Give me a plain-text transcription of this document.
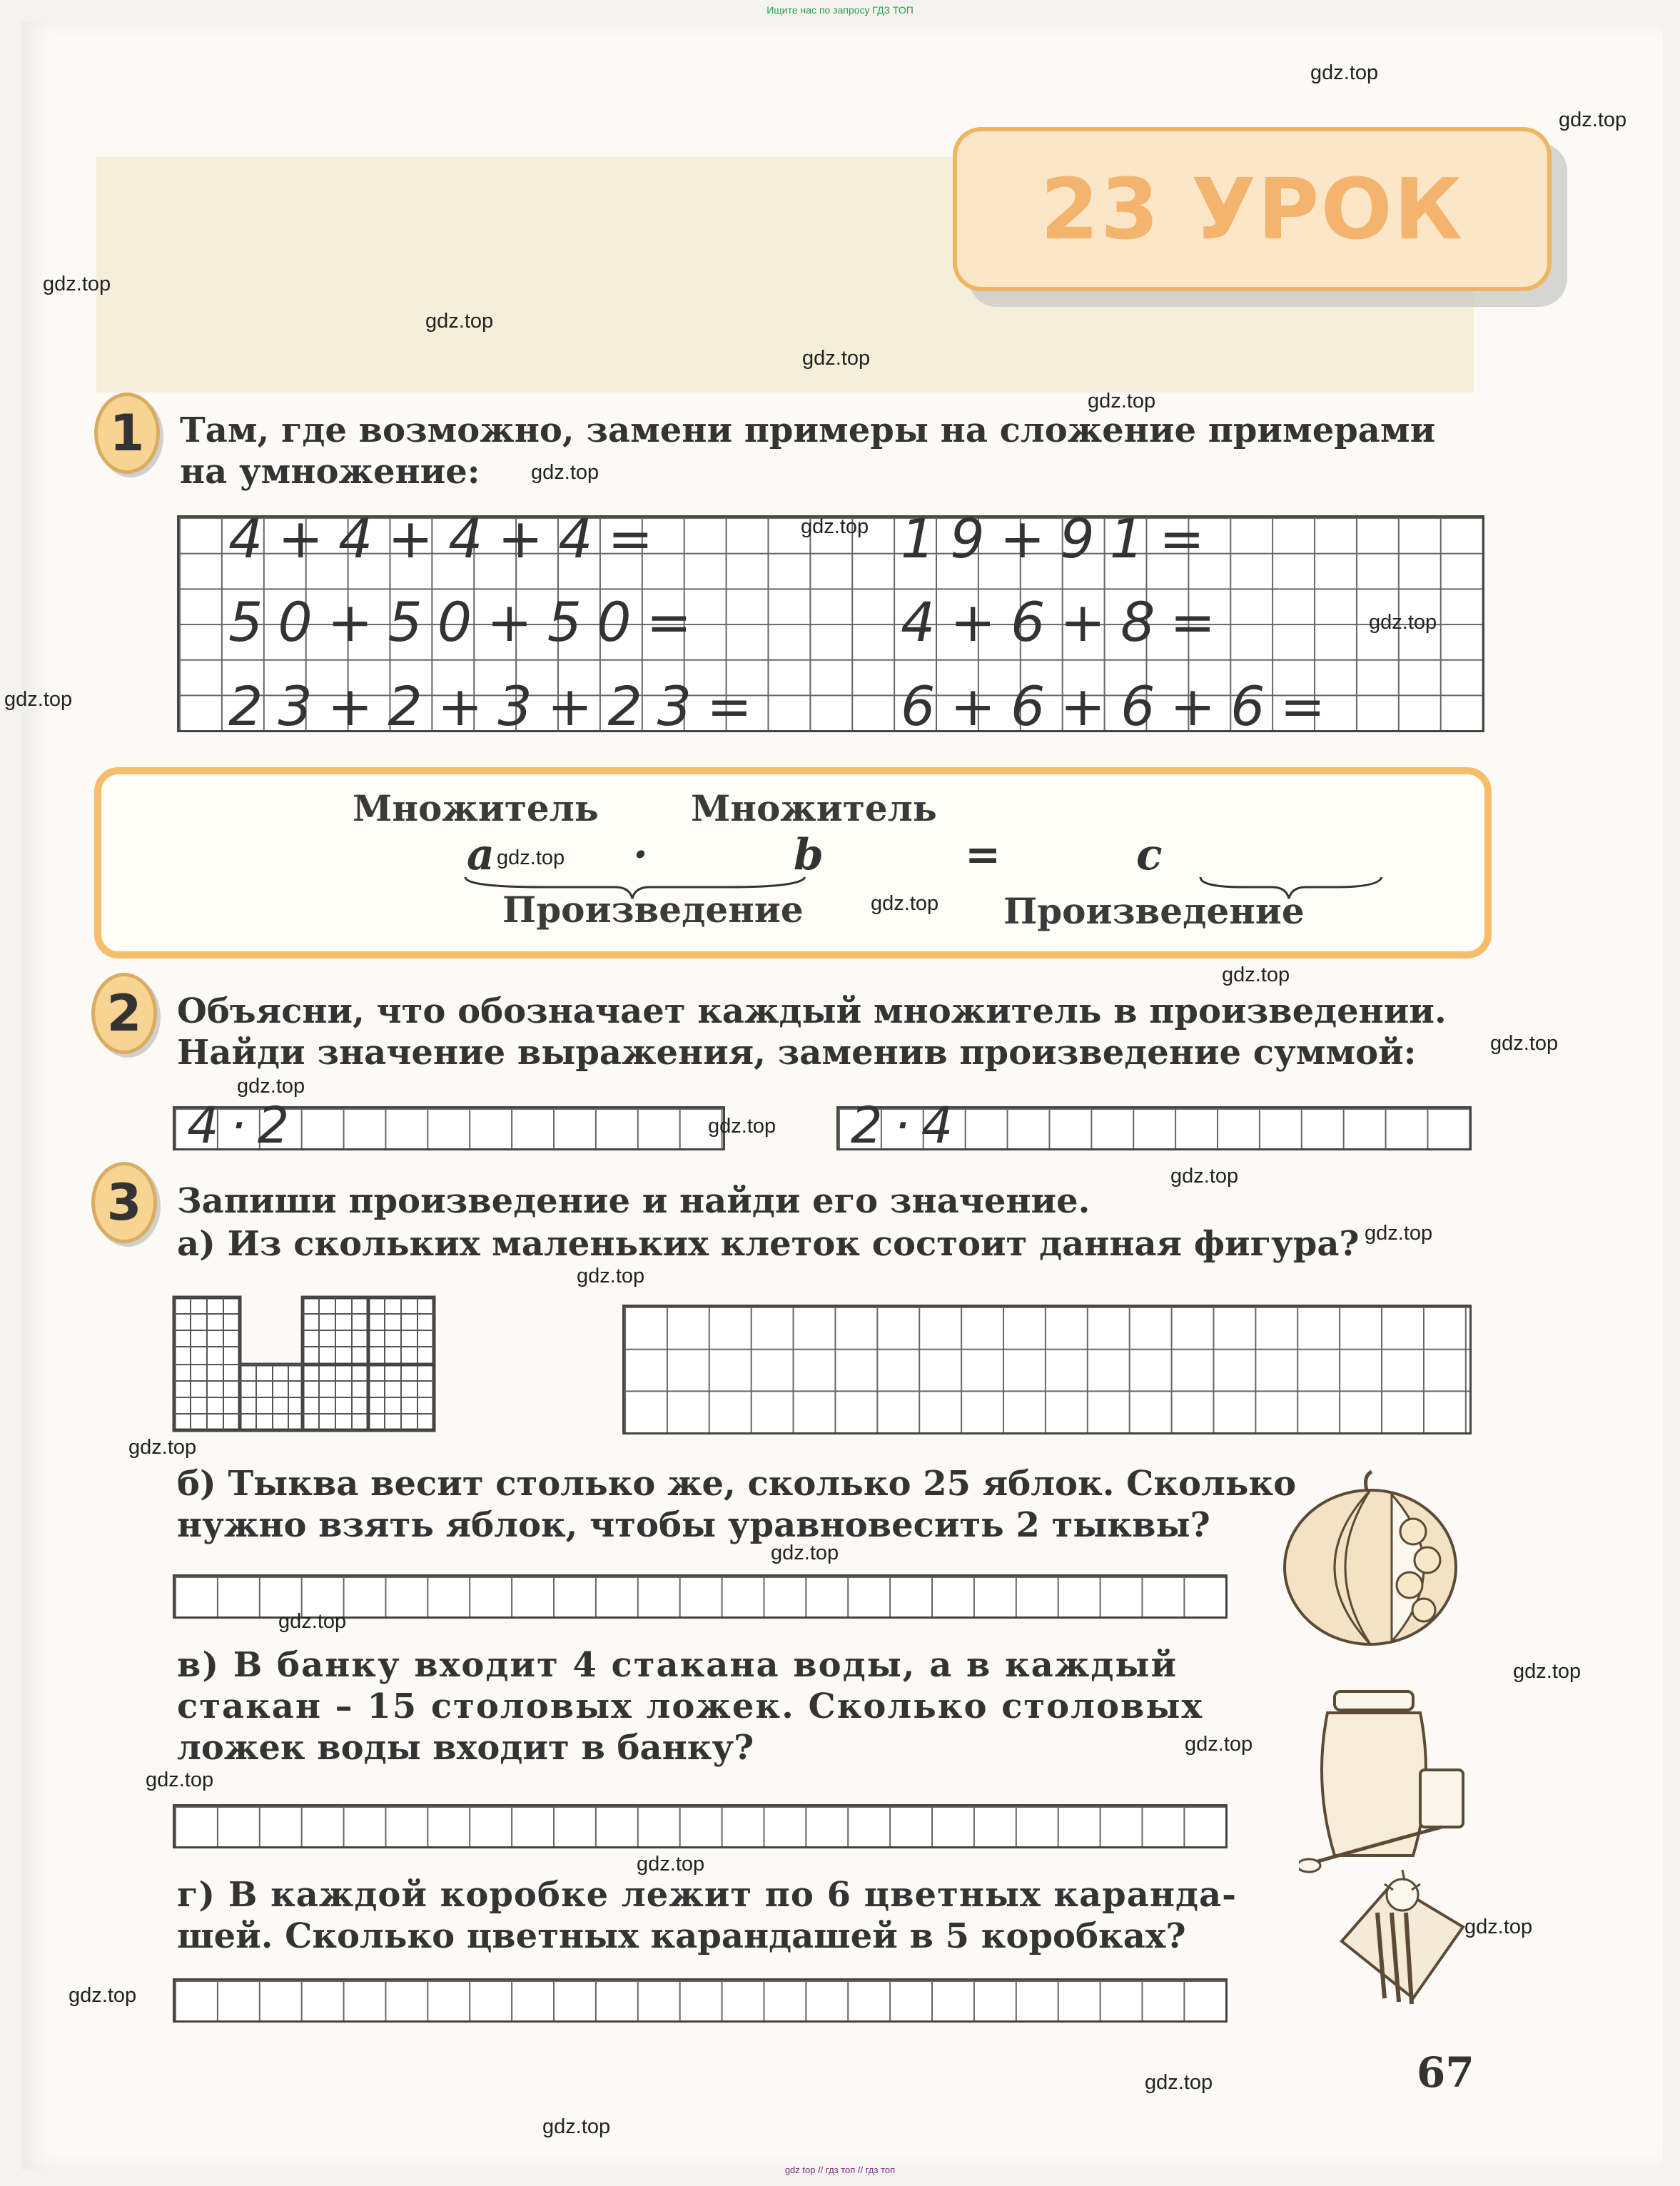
Ищите нас по запросу ГДЗ ТОП
23 УРОК
1	Там, где возможно, замени примеры на сложение примерами
на умножение:
4+4+4+4=
50+50+50=
23+2+3+23=
19+91=
4+6+8=
6+6+6+6=
Множитель	Множитель
a	·	b	=	c
Произведение	Произведение
2	Объясни, что обозначает каждый множитель в произведении.
Найди значение выражения, заменив произведение суммой:
4·2	2·4
3	Запиши произведение и найди его значение.
а) Из скольких маленьких клеток состоит данная фигура?
б) Тыква весит столько же, сколько 25 яблок. Сколько
нужно взять яблок, чтобы уравновесить 2 тыквы?
в) В банку входит 4 стакана воды, а в каждый
стакан – 15 столовых ложек. Сколько столовых
ложек воды входит в банку?
г) В каждой коробке лежит по 6 цветных каранда-
шей. Сколько цветных карандашей в 5 коробках?
67
gdz.top
gdz.top
gdz.top
gdz.top
gdz.top
gdz.top
gdz.top
gdz.top
gdz.top
gdz.top
gdz.top
gdz.top
gdz.top
gdz.top
gdz.top
gdz.top
gdz.top
gdz.top
gdz.top
gdz.top
gdz.top
gdz.top
gdz.top
gdz.top
gdz.top
gdz.top
gdz.top
gdz.top
gdz.top
gdz.top
gdz top // гдз топ // гдз топ
